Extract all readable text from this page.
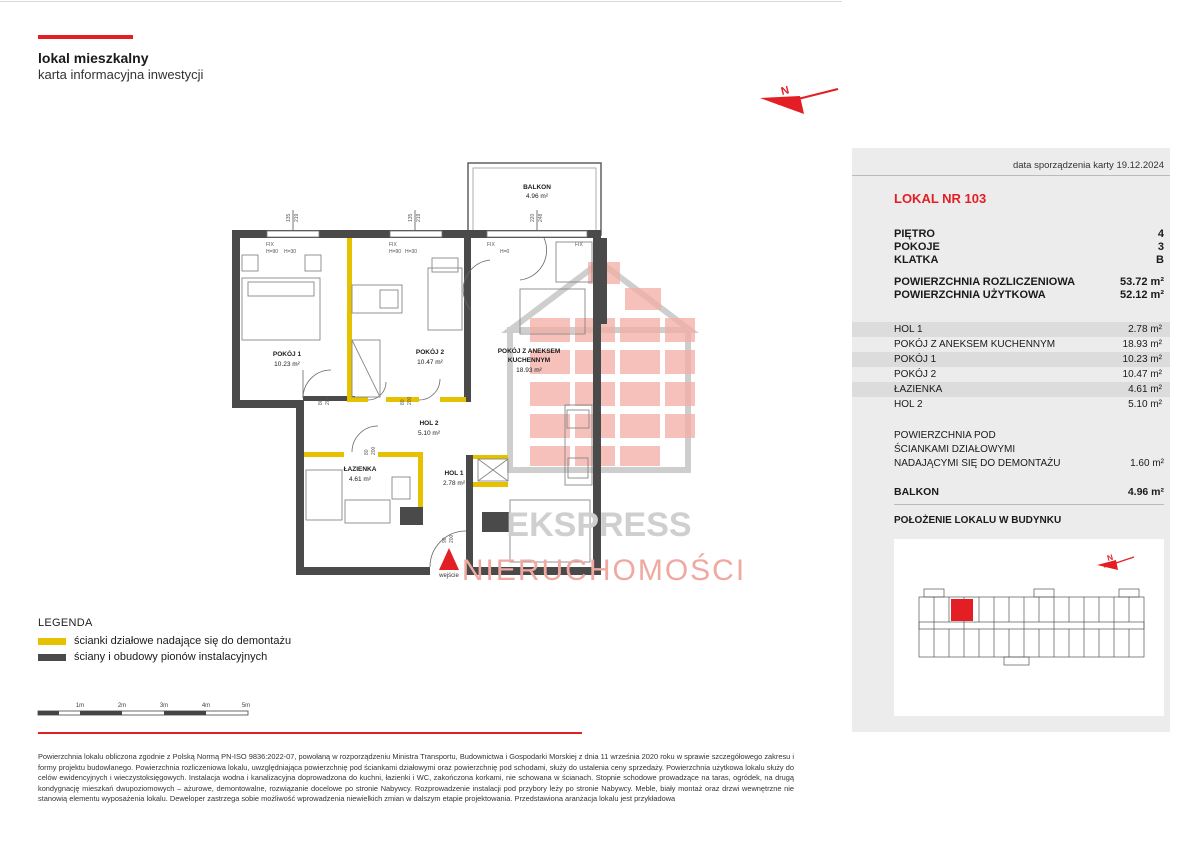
lokal mieszkalny
karta informacyjna inwestycji
N
135 219	135 219	220 248
FIX
H=90 H=30
FIX
H=90 H=30
FIX
H=0
FIX
80 200	80 200
80 200
90 200
BALKON
4.96 m²
POKÓJ 1
10.23 m²
POKÓJ 2
10.47 m²
POKÓJ Z ANEKSEM
KUCHENNYM
18.93 m²
HOL 2
5.10 m²
ŁAZIENKA
4.61 m²
HOL 1
2.78 m²
wejście
EKSPRESS
NIERUCHOMOŚCI
LEGENDA
ścianki działowe nadające się do demontażu
ściany i obudowy pionów instalacyjnych
1m	2m	3m	4m	5m
Powierzchnia lokalu obliczona zgodnie z Polską Normą PN-ISO 9836:2022-07, powołaną w rozporządzeniu Ministra Transportu, Budownictwa i Gospodarki Morskiej z dnia 11 września 2020 roku w sprawie szczegółowego zakresu i formy projektu budowlanego. Powierzchnia rozliczeniowa lokalu, uwzględniająca powierzchnię pod ściankami działowymi oraz powierzchnię pod schodami, służy do ustalenia ceny sprzedaży. Powierzchnia użytkowa lokalu służy do celów ewidencyjnych i wieczystoksięgowych. Instalacja wodna i kanalizacyjna doprowadzona do kuchni, łazienki i WC, zakończona korkami, nie schowana w ścianach. Stopnie schodowe prowadzące na taras, ogródek, na drugą kondygnację mieszkań dwupoziomowych – ażurowe, demontowalne, rozwiązanie docelowe po stronie Nabywcy. Rozprowadzenie instalacji pod przybory leży po stronie Nabywcy. Meble, biały montaż oraz drzwi wewnętrzne nie stanowią elementu wyposażenia lokalu. Deweloper zastrzega sobie możliwość wprowadzenia niewielkich zmian w dalszym etapie projektowania. Przedstawiona aranżacja lokalu jest przykładowa
data sporządzenia karty 19.12.2024
LOKAL NR 103
PIĘTRO	4
POKOJE	3
KLATKA	B
POWIERZCHNIA ROZLICZENIOWA	53.72 m²
POWIERZCHNIA UŻYTKOWA	52.12 m²
HOL 1	2.78 m²
POKÓJ Z ANEKSEM KUCHENNYM	18.93 m²
POKÓJ 1	10.23 m²
POKÓJ 2	10.47 m²
ŁAZIENKA	4.61 m²
HOL 2	5.10 m²
POWIERZCHNIA POD
ŚCIANKAMI DZIAŁOWYMI
NADAJĄCYMI SIĘ DO DEMONTAŻU	1.60 m²
BALKON	4.96 m²
POŁOŻENIE LOKALU W BUDYNKU
N
